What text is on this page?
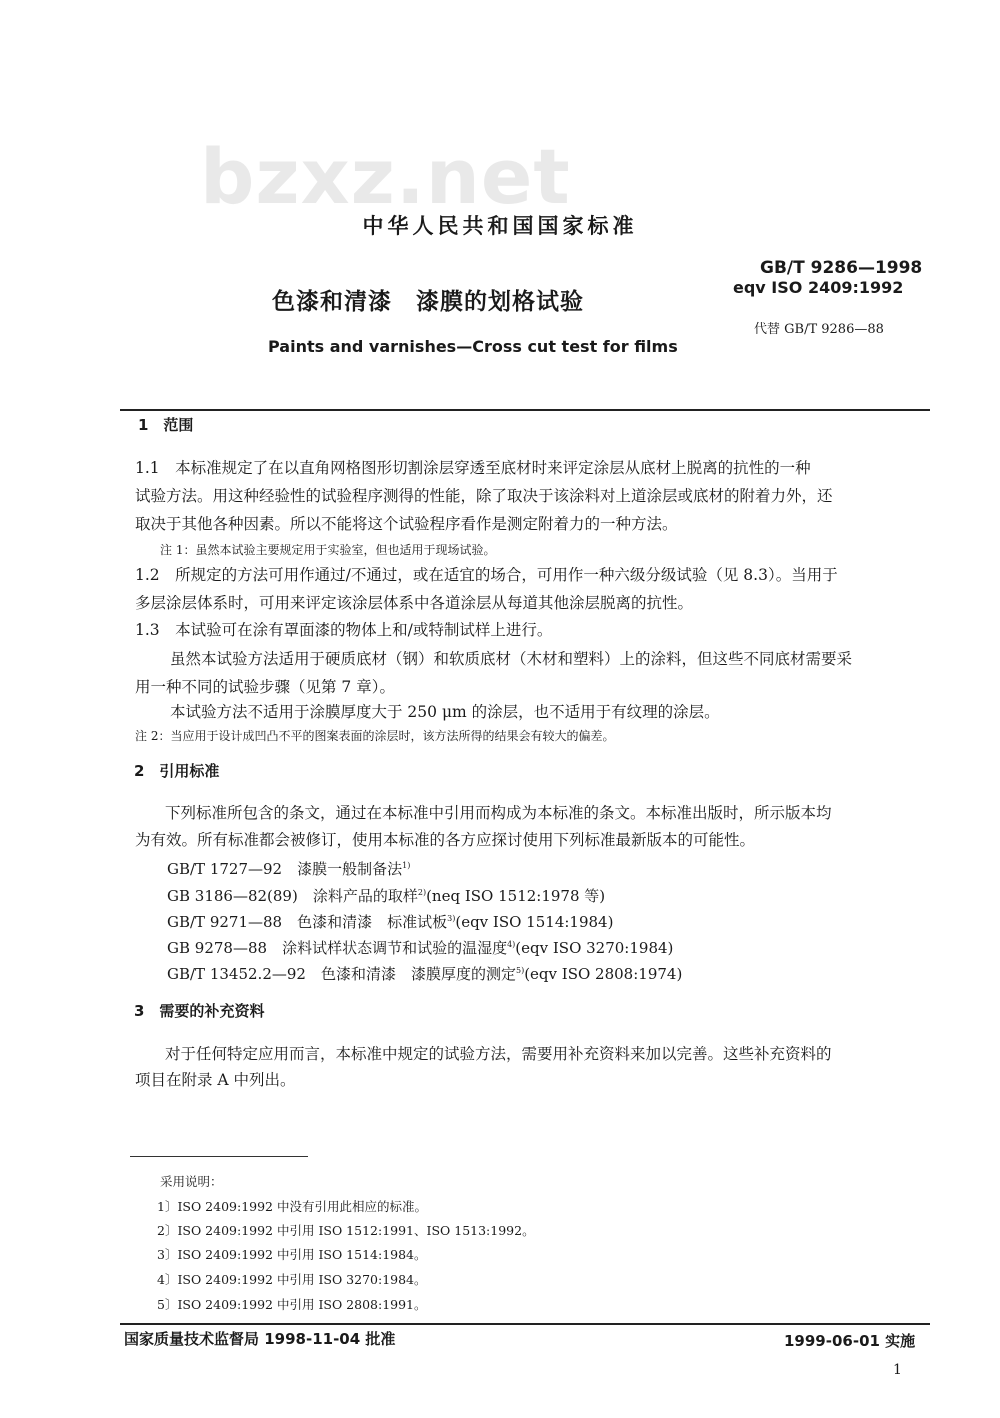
bzxz.net
中华人民共和国国家标准
GB/T 9286—1998
eqv ISO 2409:1992
代替 GB/T 9286—88
色漆和清漆　漆膜的划格试验
Paints and varnishes—Cross cut test for films
1　范围
1.1　本标准规定了在以直角网格图形切割涂层穿透至底材时来评定涂层从底材上脱离的抗性的一种
试验方法。用这种经验性的试验程序测得的性能，除了取决于该涂料对上道涂层或底材的附着力外，还
取决于其他各种因素。所以不能将这个试验程序看作是测定附着力的一种方法。
注 1：虽然本试验主要规定用于实验室，但也适用于现场试验。
1.2　所规定的方法可用作通过/不通过，或在适宜的场合，可用作一种六级分级试验（见 8.3）。当用于
多层涂层体系时，可用来评定该涂层体系中各道涂层从每道其他涂层脱离的抗性。
1.3　本试验可在涂有罩面漆的物体上和/或特制试样上进行。
虽然本试验方法适用于硬质底材（钢）和软质底材（木材和塑料）上的涂料，但这些不同底材需要采
用一种不同的试验步骤（见第 7 章）。
本试验方法不适用于涂膜厚度大于 250 μm 的涂层，也不适用于有纹理的涂层。
注 2：当应用于设计成凹凸不平的图案表面的涂层时，该方法所得的结果会有较大的偏差。
2　引用标准
下列标准所包含的条文，通过在本标准中引用而构成为本标准的条文。本标准出版时，所示版本均
为有效。所有标准都会被修订，使用本标准的各方应探讨使用下列标准最新版本的可能性。
GB/T 1727—92　 漆膜一般制备法$^{1)}$
GB 3186—82(89)　 涂料产品的取样$^{2)}$(neq ISO 1512:1978 等)
GB/T 9271—88　 色漆和清漆　标准试板$^{3)}$(eqv ISO 1514:1984)
GB 9278—88　 涂料试样状态调节和试验的温湿度$^{4)}$(eqv ISO 3270:1984)
GB/T 13452.2—92　 色漆和清漆　漆膜厚度的测定$^{5)}$(eqv ISO 2808:1974)
3　需要的补充资料
对于任何特定应用而言，本标准中规定的试验方法，需要用补充资料来加以完善。这些补充资料的
项目在附录 A 中列出。
采用说明：
1〕ISO 2409:1992 中没有引用此相应的标准。
2〕ISO 2409:1992 中引用 ISO 1512:1991、ISO 1513:1992。
3〕ISO 2409:1992 中引用 ISO 1514:1984。
4〕ISO 2409:1992 中引用 ISO 3270:1984。
5〕ISO 2409:1992 中引用 ISO 2808:1991。
国家质量技术监督局 1998-11-04 批准	1999-06-01 实施
1
